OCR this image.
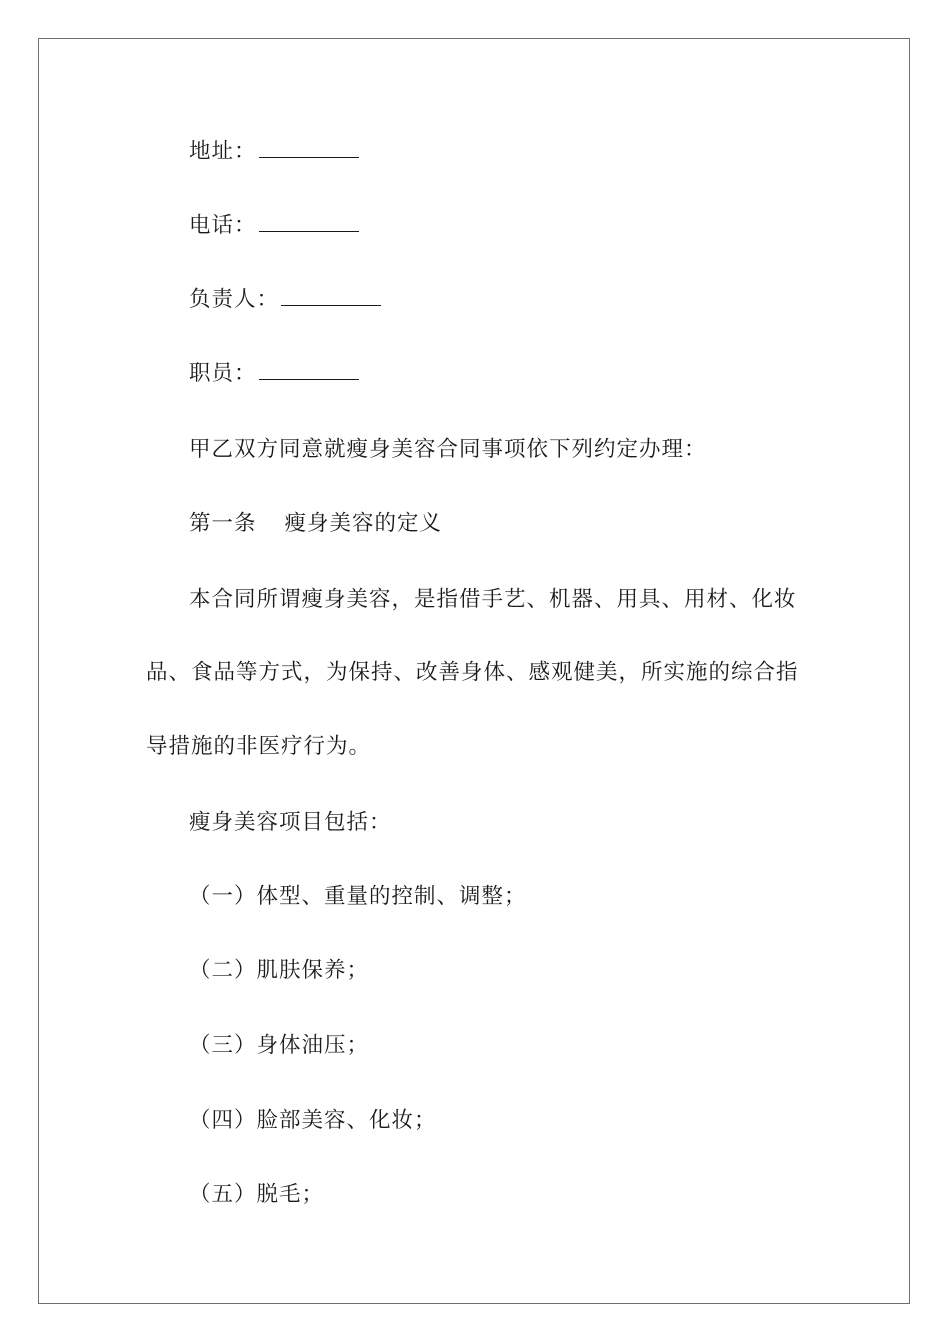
地址：
电话：
负责人：
职员：
甲乙双方同意就瘦身美容合同事项依下列约定办理：
第一条 瘦身美容的定义
本合同所谓瘦身美容，是指借手艺、机器、用具、用材、化妆
品、食品等方式，为保持、改善身体、感观健美，所实施的综合指
导措施的非医疗行为。
瘦身美容项目包括：
（一）体型、重量的控制、调整；
（二）肌肤保养；
（三）身体油压；
（四）脸部美容、化妆；
（五）脱毛；
